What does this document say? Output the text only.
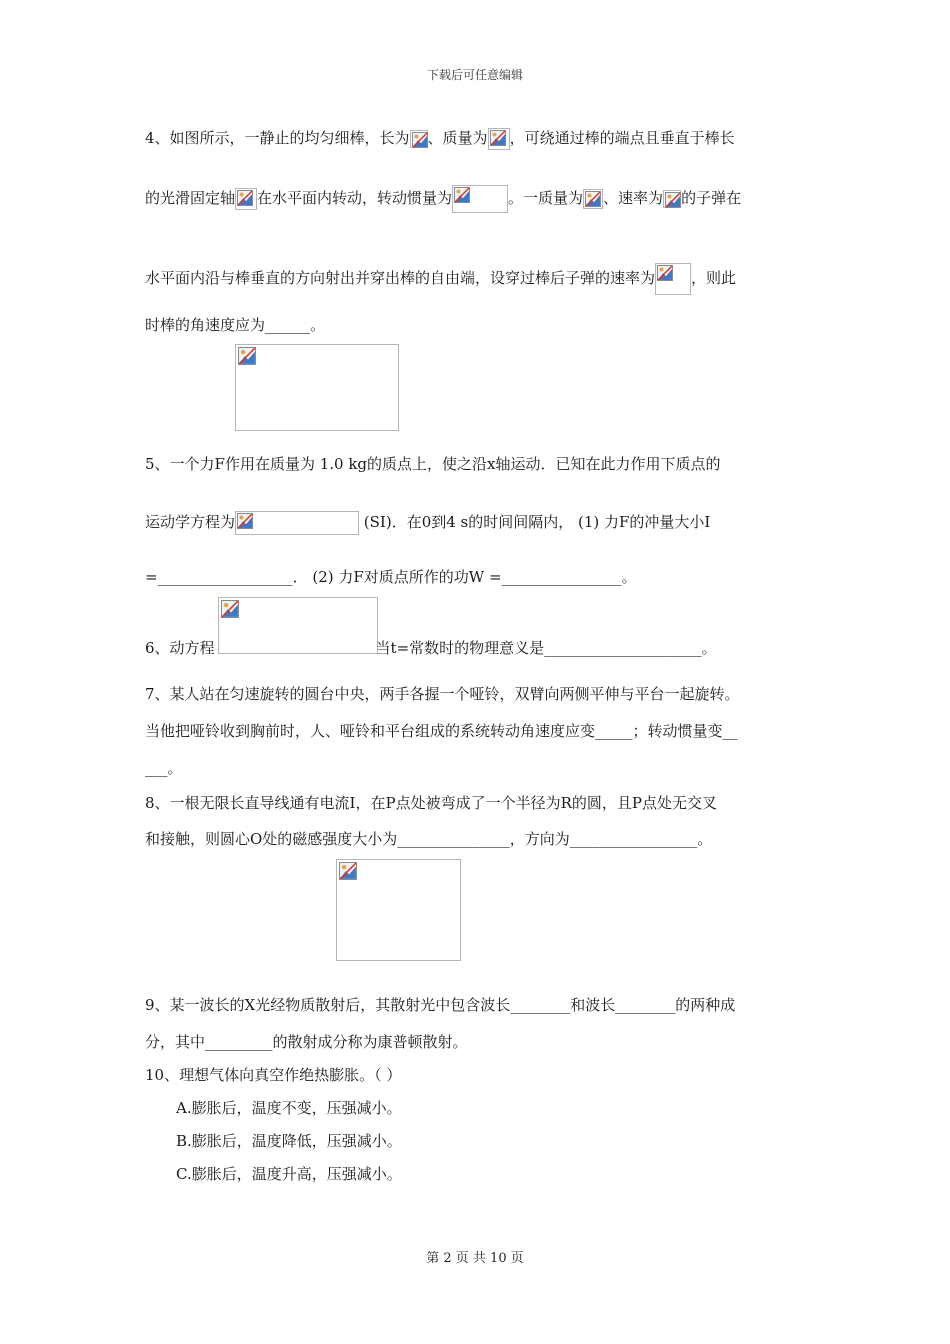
下载后可任意编辑
4、如图所示，一静止的均匀细棒，长为 、质量为 ，可绕通过棒的端点且垂直于棒长
的光滑固定轴 在水平面内转动，转动惯量为	。一质量为 、速率为 的子弹在
水平面内沿与棒垂直的方向射出并穿出棒的自由端，设穿过棒后子弹的速率为 ，则此
时棒的角速度应为______。
5、一个力F作用在质量为 1.0 kg的质点上，使之沿x轴运动．已知在此力作用下质点的
运动学方程为	(SI)．在0到4 s的时间间隔内， (1) 力F的冲量大小I
=__________________． (2) 力F对质点所作的功W =________________。
6、动方程	当t=常数时的物理意义是_____________________。
7、某人站在匀速旋转的圆台中央，两手各握一个哑铃，双臂向两侧平伸与平台一起旋转。
当他把哑铃收到胸前时，人、哑铃和平台组成的系统转动角速度应变_____；转动惯量变__
___。
8、一根无限长直导线通有电流I，在P点处被弯成了一个半径为R的圆，且P点处无交叉
和接触，则圆心O处的磁感强度大小为_______________，方向为_________________。
9、某一波长的X光经物质散射后，其散射光中包含波长________和波长________的两种成
分，其中_________的散射成分称为康普顿散射。
10、理想气体向真空作绝热膨胀。（ ）
A.膨胀后，温度不变，压强减小。
B.膨胀后，温度降低，压强减小。
C.膨胀后，温度升高，压强减小。
第 2 页 共 10 页
